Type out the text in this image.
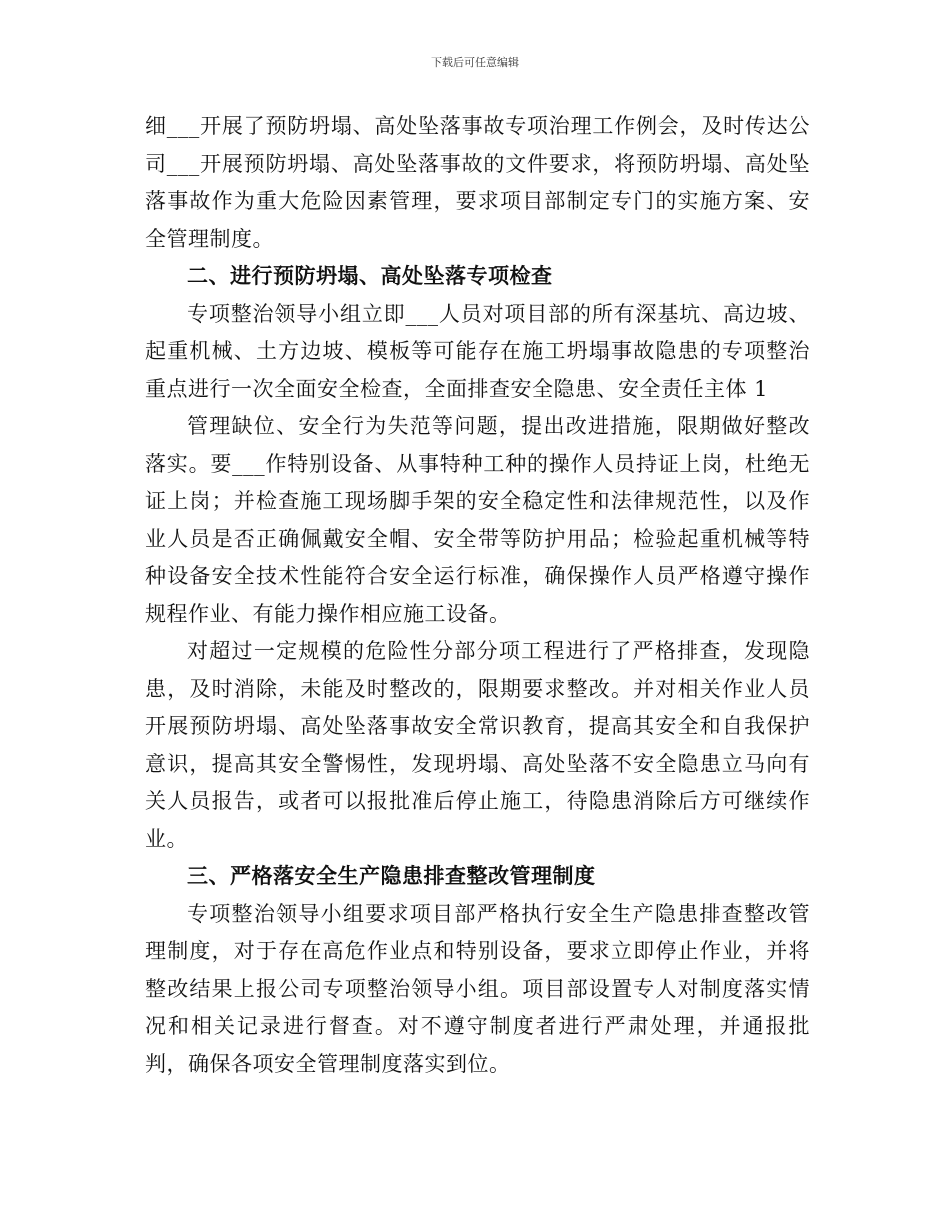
下载后可任意编辑

细___开展了预防坍塌、高处坠落事故专项治理工作例会，及时传达公司___开展预防坍塌、高处坠落事故的文件要求，将预防坍塌、高处坠落事故作为重大危险因素管理，要求项目部制定专门的实施方案、安全管理制度。

二、进行预防坍塌、高处坠落专项检查

专项整治领导小组立即___人员对项目部的所有深基坑、高边坡、起重机械、土方边坡、模板等可能存在施工坍塌事故隐患的专项整治重点进行一次全面安全检查，全面排查安全隐患、安全责任主体 1

管理缺位、安全行为失范等问题，提出改进措施，限期做好整改落实。要___作特别设备、从事特种工种的操作人员持证上岗，杜绝无证上岗；并检查施工现场脚手架的安全稳定性和法律规范性，以及作业人员是否正确佩戴安全帽、安全带等防护用品；检验起重机械等特种设备安全技术性能符合安全运行标准，确保操作人员严格遵守操作规程作业、有能力操作相应施工设备。

对超过一定规模的危险性分部分项工程进行了严格排查，发现隐患，及时消除，未能及时整改的，限期要求整改。并对相关作业人员开展预防坍塌、高处坠落事故安全常识教育，提高其安全和自我保护意识，提高其安全警惕性，发现坍塌、高处坠落不安全隐患立马向有关人员报告，或者可以报批准后停止施工，待隐患消除后方可继续作业。

三、严格落安全生产隐患排查整改管理制度

专项整治领导小组要求项目部严格执行安全生产隐患排查整改管理制度，对于存在高危作业点和特别设备，要求立即停止作业，并将整改结果上报公司专项整治领导小组。项目部设置专人对制度落实情况和相关记录进行督查。对不遵守制度者进行严肃处理，并通报批判，确保各项安全管理制度落实到位。
